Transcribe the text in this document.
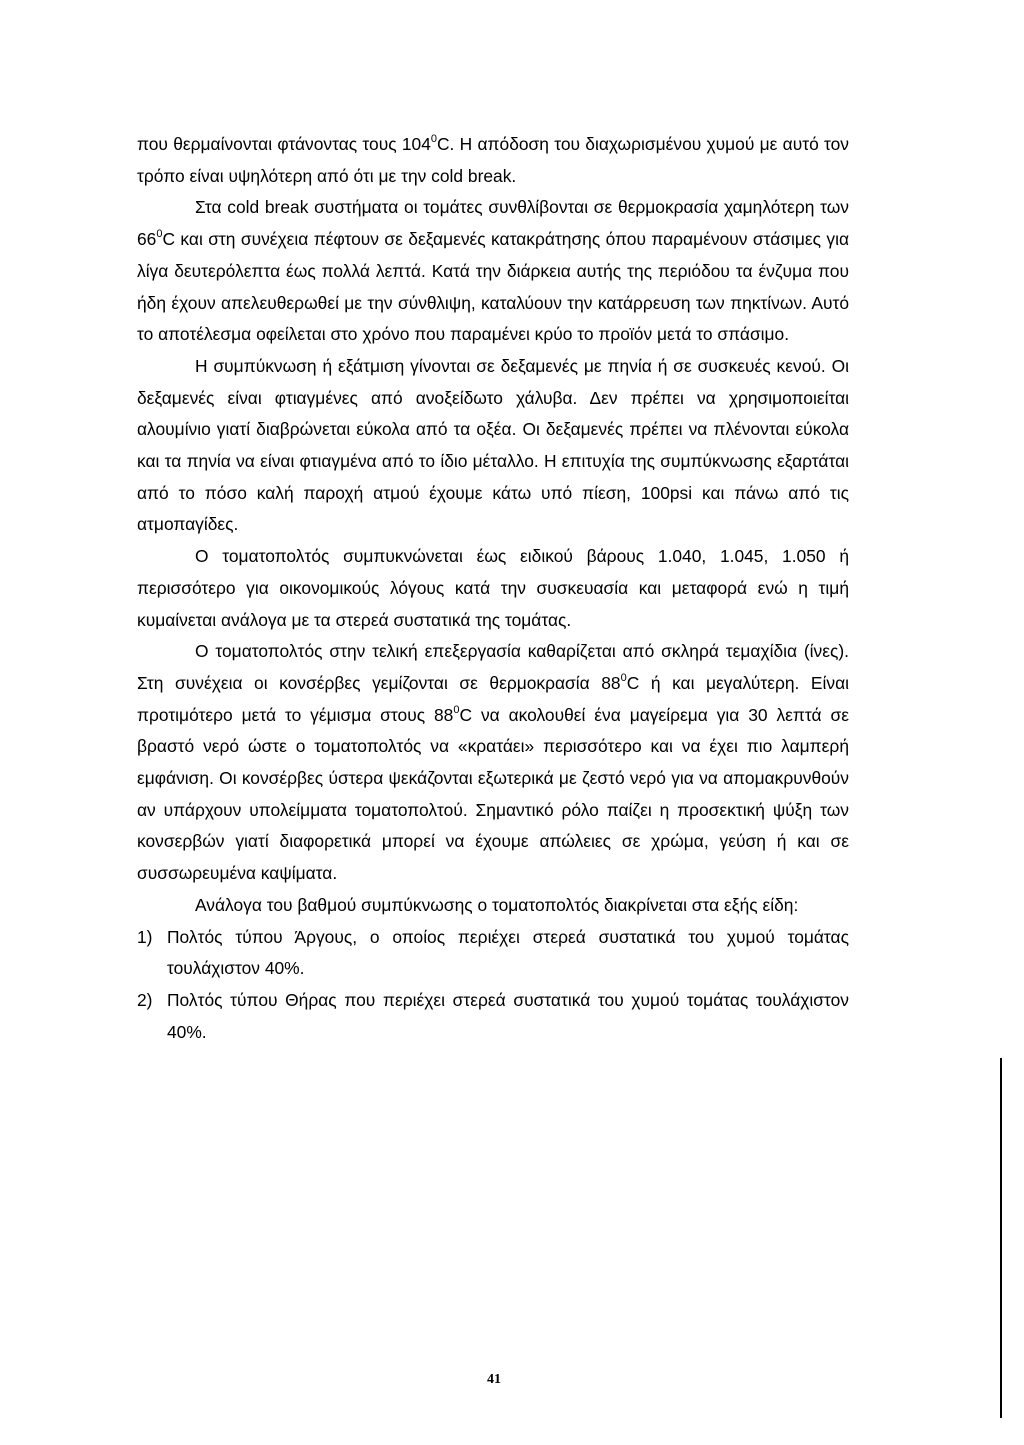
που θερμαίνονται φτάνοντας τους $104^0C$. Η απόδοση του διαχωρισμένου χυμού με αυτό τον τρόπο είναι υψηλότερη από ότι με την cold break.

Στα cold break συστήματα οι τομάτες συνθλίβονται σε θερμοκρασία χαμηλότερη των $66^0C$ και στη συνέχεια πέφτουν σε δεξαμενές κατακράτησης όπου παραμένουν στάσιμες για λίγα δευτερόλεπτα έως πολλά λεπτά. Κατά την διάρκεια αυτής της περιόδου τα ένζυμα που ήδη έχουν απελευθερωθεί με την σύνθλιψη, καταλύουν την κατάρρευση των πηκτίνων. Αυτό το αποτέλεσμα οφείλεται στο χρόνο που παραμένει κρύο το προϊόν μετά το σπάσιμο.

Η συμπύκνωση ή εξάτμιση γίνονται σε δεξαμενές με πηνία ή σε συσκευές κενού. Οι δεξαμενές είναι φτιαγμένες από ανοξείδωτο χάλυβα. Δεν πρέπει να χρησιμοποιείται αλουμίνιο γιατί διαβρώνεται εύκολα από τα οξέα. Οι δεξαμενές πρέπει να πλένονται εύκολα και τα πηνία να είναι φτιαγμένα από το ίδιο μέταλλο. Η επιτυχία της συμπύκνωσης εξαρτάται από το πόσο καλή παροχή ατμού έχουμε κάτω υπό πίεση, 100psi και πάνω από τις ατμοπαγίδες.

Ο τοματοπολτός συμπυκνώνεται έως ειδικού βάρους 1.040, 1.045, 1.050 ή περισσότερο για οικονομικούς λόγους κατά την συσκευασία και μεταφορά ενώ η τιμή κυμαίνεται ανάλογα με τα στερεά συστατικά της τομάτας.

Ο τοματοπολτός στην τελική επεξεργασία καθαρίζεται από σκληρά τεμαχίδια (ίνες). Στη συνέχεια οι κονσέρβες γεμίζονται σε θερμοκρασία $88^0C$ ή και μεγαλύτερη. Είναι προτιμότερο μετά το γέμισμα στους $88^0C$ να ακολουθεί ένα μαγείρεμα για 30 λεπτά σε βραστό νερό ώστε ο τοματοπολτός να «κρατάει» περισσότερο και να έχει πιο λαμπερή εμφάνιση. Οι κονσέρβες ύστερα ψεκάζονται εξωτερικά με ζεστό νερό για να απομακρυνθούν αν υπάρχουν υπολείμματα τοματοπολτού. Σημαντικό ρόλο παίζει η προσεκτική ψύξη των κονσερβών γιατί διαφορετικά μπορεί να έχουμε απώλειες σε χρώμα, γεύση ή και σε συσσωρευμένα καψίματα.

Ανάλογα του βαθμού συμπύκνωσης ο τοματοπολτός διακρίνεται στα εξής είδη:

1) Πολτός τύπου Άργους, ο οποίος περιέχει στερεά συστατικά του χυμού τομάτας τουλάχιστον 40%.
2) Πολτός τύπου Θήρας που περιέχει στερεά συστατικά του χυμού τομάτας τουλάχιστον 40%.
41
